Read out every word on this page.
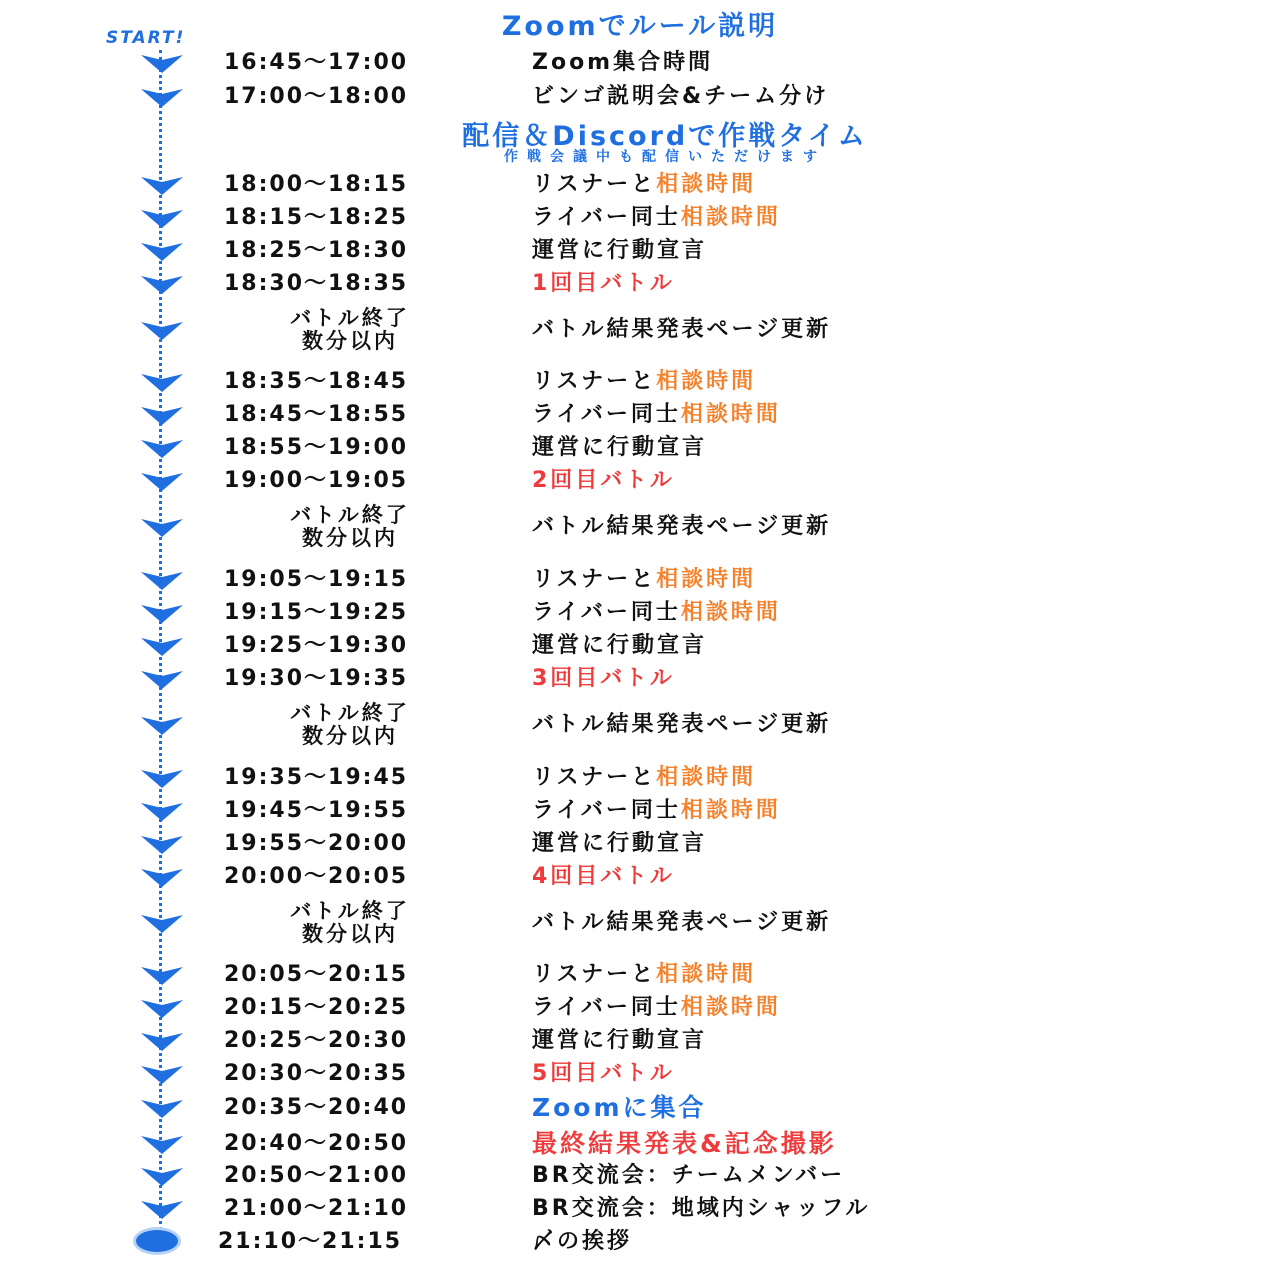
Zoomでルール説明
START!
配信＆Discordで作戦タイム
作戦会議中も配信いただけます
16:45〜17:00	Zoom集合時間
17:00〜18:00	ビンゴ説明会&チーム分け
18:00〜18:15	リスナーと相談時間
18:15〜18:25	ライバー同士相談時間
18:25〜18:30	運営に行動宣言
18:30〜18:35	1回目バトル
バトル終了
数分以内	バトル結果発表ページ更新
18:35〜18:45	リスナーと相談時間
18:45〜18:55	ライバー同士相談時間
18:55〜19:00	運営に行動宣言
19:00〜19:05	2回目バトル
バトル終了
数分以内	バトル結果発表ページ更新
19:05〜19:15	リスナーと相談時間
19:15〜19:25	ライバー同士相談時間
19:25〜19:30	運営に行動宣言
19:30〜19:35	3回目バトル
バトル終了
数分以内	バトル結果発表ページ更新
19:35〜19:45	リスナーと相談時間
19:45〜19:55	ライバー同士相談時間
19:55〜20:00	運営に行動宣言
20:00〜20:05	4回目バトル
バトル終了
数分以内	バトル結果発表ページ更新
20:05〜20:15	リスナーと相談時間
20:15〜20:25	ライバー同士相談時間
20:25〜20:30	運営に行動宣言
20:30〜20:35	5回目バトル
20:35〜20:40	Zoomに集合
20:40〜20:50	最終結果発表&記念撮影
20:50〜21:00	BR交流会：チームメンバー
21:00〜21:10	BR交流会：地域内シャッフル
21:10〜21:15	〆の挨拶
